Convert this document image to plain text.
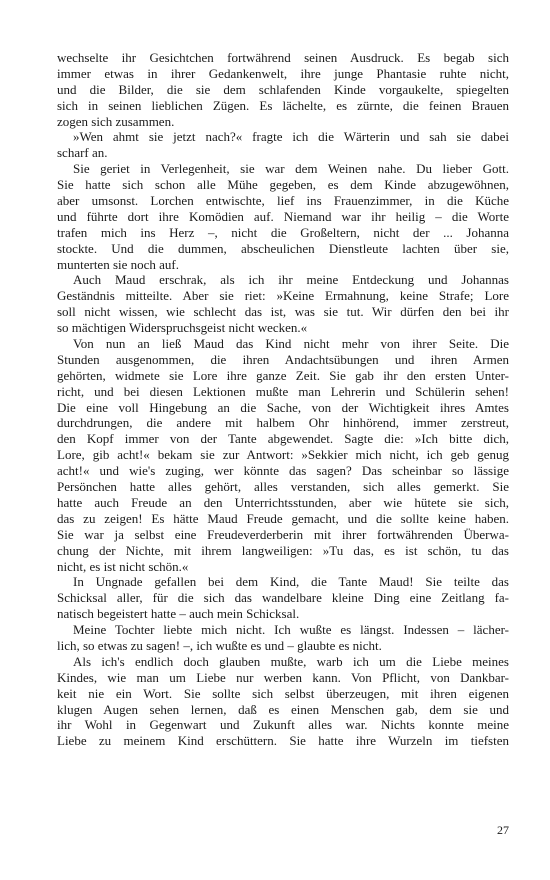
wechselte ihr Gesichtchen fortwährend seinen Ausdruck. Es begab sich
immer etwas in ihrer Gedankenwelt, ihre junge Phantasie ruhte nicht,
und die Bilder, die sie dem schlafenden Kinde vorgaukelte, spiegelten
sich in seinen lieblichen Zügen. Es lächelte, es zürnte, die feinen Brauen
zogen sich zusammen.
»Wen ahmt sie jetzt nach?« fragte ich die Wärterin und sah sie dabei
scharf an.
Sie geriet in Verlegenheit, sie war dem Weinen nahe. Du lieber Gott.
Sie hatte sich schon alle Mühe gegeben, es dem Kinde abzugewöhnen,
aber umsonst. Lorchen entwischte, lief ins Frauenzimmer, in die Küche
und führte dort ihre Komödien auf. Niemand war ihr heilig – die Worte
trafen mich ins Herz –, nicht die Großeltern, nicht der ... Johanna
stockte. Und die dummen, abscheulichen Dienstleute lachten über sie,
munterten sie noch auf.
Auch Maud erschrak, als ich ihr meine Entdeckung und Johannas
Geständnis mitteilte. Aber sie riet: »Keine Ermahnung, keine Strafe; Lore
soll nicht wissen, wie schlecht das ist, was sie tut. Wir dürfen den bei ihr
so mächtigen Widerspruchsgeist nicht wecken.«
Von nun an ließ Maud das Kind nicht mehr von ihrer Seite. Die
Stunden ausgenommen, die ihren Andachtsübungen und ihren Armen
gehörten, widmete sie Lore ihre ganze Zeit. Sie gab ihr den ersten Unter-
richt, und bei diesen Lektionen mußte man Lehrerin und Schülerin sehen!
Die eine voll Hingebung an die Sache, von der Wichtigkeit ihres Amtes
durchdrungen, die andere mit halbem Ohr hinhörend, immer zerstreut,
den Kopf immer von der Tante abgewendet. Sagte die: »Ich bitte dich,
Lore, gib acht!« bekam sie zur Antwort: »Sekkier mich nicht, ich geb genug
acht!« und wie's zuging, wer könnte das sagen? Das scheinbar so lässige
Persönchen hatte alles gehört, alles verstanden, sich alles gemerkt. Sie
hatte auch Freude an den Unterrichtsstunden, aber wie hütete sie sich,
das zu zeigen! Es hätte Maud Freude gemacht, und die sollte keine haben.
Sie war ja selbst eine Freudeverderberin mit ihrer fortwährenden Überwa-
chung der Nichte, mit ihrem langweiligen: »Tu das, es ist schön, tu das
nicht, es ist nicht schön.«
In Ungnade gefallen bei dem Kind, die Tante Maud! Sie teilte das
Schicksal aller, für die sich das wandelbare kleine Ding eine Zeitlang fa-
natisch begeistert hatte – auch mein Schicksal.
Meine Tochter liebte mich nicht. Ich wußte es längst. Indessen – lächer-
lich, so etwas zu sagen! –, ich wußte es und – glaubte es nicht.
Als ich's endlich doch glauben mußte, warb ich um die Liebe meines
Kindes, wie man um Liebe nur werben kann. Von Pflicht, von Dankbar-
keit nie ein Wort. Sie sollte sich selbst überzeugen, mit ihren eigenen
klugen Augen sehen lernen, daß es einen Menschen gab, dem sie und
ihr Wohl in Gegenwart und Zukunft alles war. Nichts konnte meine
Liebe zu meinem Kind erschüttern. Sie hatte ihre Wurzeln im tiefsten
27
